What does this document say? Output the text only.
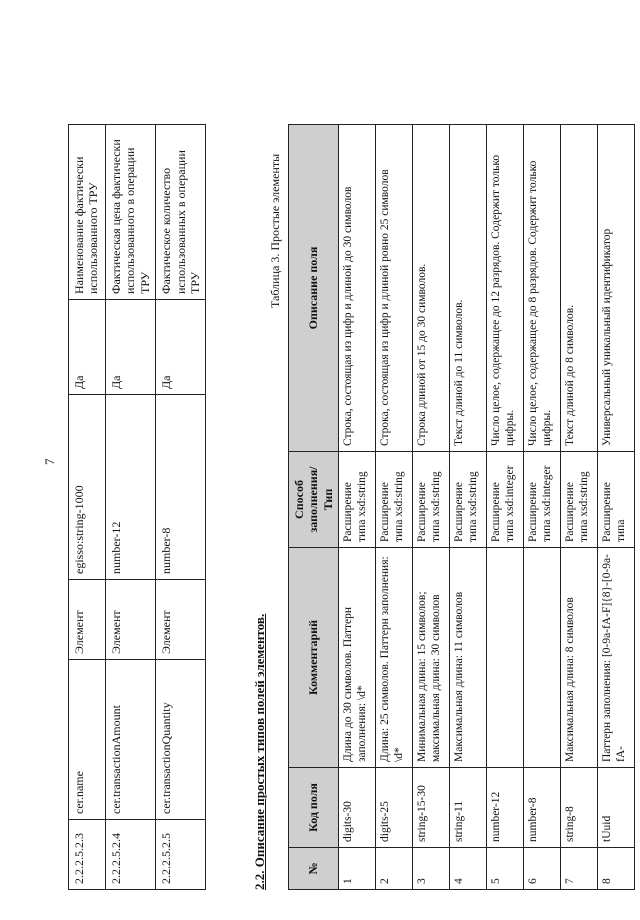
7
2.2.2.5.2.3	cer.name	Элемент	egisso:string-1000	Да	Наименование фактически использованного ТРУ
2.2.2.5.2.4	cer.transactionAmount	Элемент	number-12	Да	Фактическая цена фактически использованного в операции ТРУ
2.2.2.5.2.5	cer.transactionQuantity	Элемент	number-8	Да	Фактическое количество использованных в операции ТРУ
2.2. Описание простых типов полей элементов.
Таблица 3. Простые элементы
№	Код поля	Комментарий	Способ заполнения/Тип	Описание поля
1	digits-30	Длина до 30 символов. Паттерн заполнения: \d*	Расширение типа xsd:string	Строка, состоящая из цифр и длиной до 30 символов
2	digits-25	Длина: 25 символов. Паттерн заполнения: \d*	Расширение типа xsd:string	Строка, состоящая из цифр и длиной ровно 25 символов
3	string-15-30	Минимальная длина: 15 символов; максимальная длина: 30 символов	Расширение типа xsd:string	Строка длиной от 15 до 30 символов.
4	string-11	Максимальная длина: 11 символов	Расширение типа xsd:string	Текст длиной до 11 символов.
5	number-12		Расширение типа xsd:integer	Число целое, содержащее до 12 разрядов. Содержит только цифры.
6	number-8		Расширение типа xsd:integer	Число целое, содержащее до 8 разрядов. Содержит только цифры.
7	string-8	Максимальная длина: 8 символов	Расширение типа xsd:string	Текст длиной до 8 символов.
8	tUuid	Паттерн заполнения: [0-9a-fA-F]{8}-[0-9a-fA-	Расширение типа	Универсальный уникальный идентификатор
